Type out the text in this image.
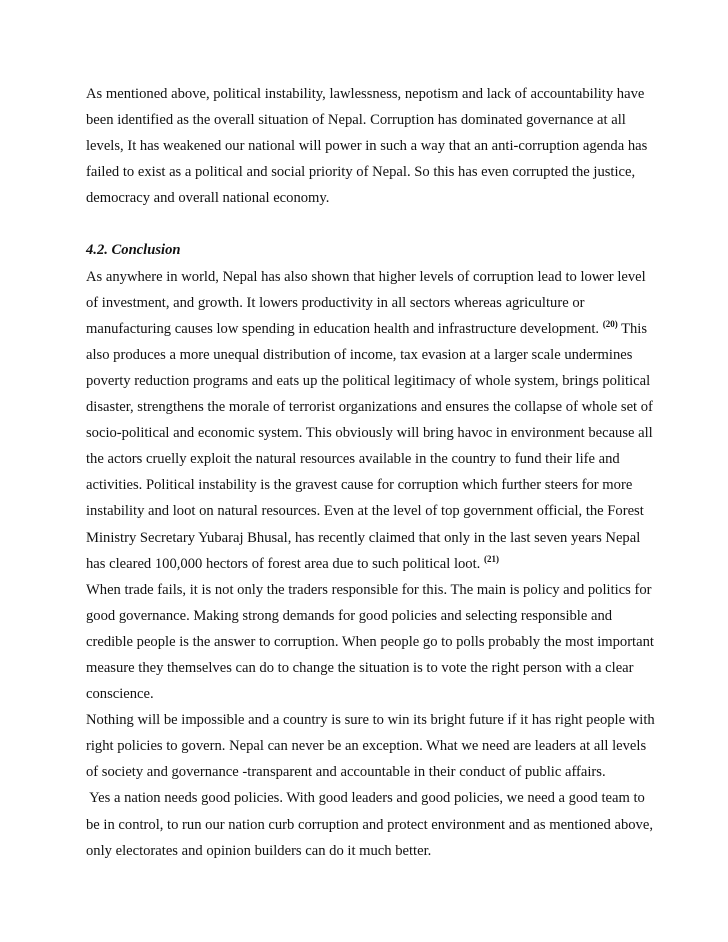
As mentioned above, political instability, lawlessness, nepotism and lack of accountability have
been identified as the overall situation of Nepal. Corruption has dominated governance at all
levels, It has weakened our national will power in such a way that an anti-corruption agenda has
failed to exist as a political and social priority of Nepal. So this has even corrupted the justice,
democracy and overall national economy.

4.2. Conclusion

As anywhere in world, Nepal has also shown that higher levels of corruption lead to lower level
of investment, and growth. It lowers productivity in all sectors whereas agriculture or
manufacturing causes low spending in education health and infrastructure development. $^{(20)}$ This
also produces a more unequal distribution of income, tax evasion at a larger scale undermines
poverty reduction programs and eats up the political legitimacy of whole system, brings political
disaster, strengthens the morale of terrorist organizations and ensures the collapse of whole set of
socio-political and economic system. This obviously will bring havoc in environment because all
the actors cruelly exploit the natural resources available in the country to fund their life and
activities. Political instability is the gravest cause for corruption which further steers for more
instability and loot on natural resources. Even at the level of top government official, the Forest
Ministry Secretary Yubaraj Bhusal, has recently claimed that only in the last seven years Nepal
has cleared 100,000 hectors of forest area due to such political loot. $^{(21)}$

When trade fails, it is not only the traders responsible for this. The main is policy and politics for
good governance. Making strong demands for good policies and selecting responsible and
credible people is the answer to corruption. When people go to polls probably the most important
measure they themselves can do to change the situation is to vote the right person with a clear
conscience.

Nothing will be impossible and a country is sure to win its bright future if it has right people with
right policies to govern. Nepal can never be an exception. What we need are leaders at all levels
of society and governance -transparent and accountable in their conduct of public affairs.

Yes a nation needs good policies. With good leaders and good policies, we need a good team to
be in control, to run our nation curb corruption and protect environment and as mentioned above,
only electorates and opinion builders can do it much better.
